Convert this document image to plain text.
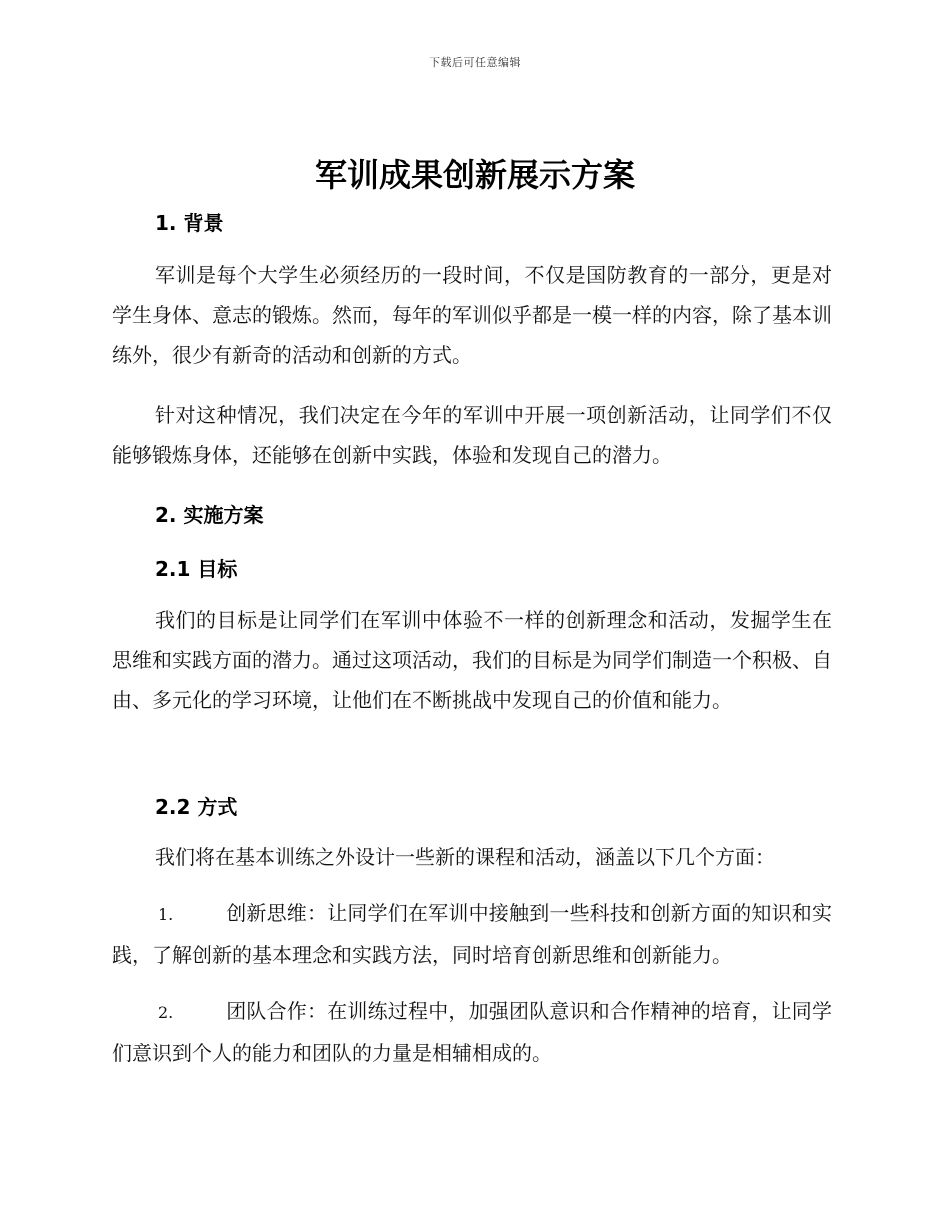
下载后可任意编辑
军训成果创新展示方案
1. 背景

军训是每个大学生必须经历的一段时间，不仅是国防教育的一部分，更是对学生身体、意志的锻炼。然而，每年的军训似乎都是一模一样的内容，除了基本训练外，很少有新奇的活动和创新的方式。

针对这种情况，我们决定在今年的军训中开展一项创新活动，让同学们不仅能够锻炼身体，还能够在创新中实践，体验和发现自己的潜力。

2. 实施方案
2.1 目标

我们的目标是让同学们在军训中体验不一样的创新理念和活动，发掘学生在思维和实践方面的潜力。通过这项活动，我们的目标是为同学们制造一个积极、自由、多元化的学习环境，让他们在不断挑战中发现自己的价值和能力。

2.2 方式

我们将在基本训练之外设计一些新的课程和活动，涵盖以下几个方面：

1.	创新思维：让同学们在军训中接触到一些科技和创新方面的知识和实践，了解创新的基本理念和实践方法，同时培育创新思维和创新能力。

2.	团队合作：在训练过程中，加强团队意识和合作精神的培育，让同学们意识到个人的能力和团队的力量是相辅相成的。
